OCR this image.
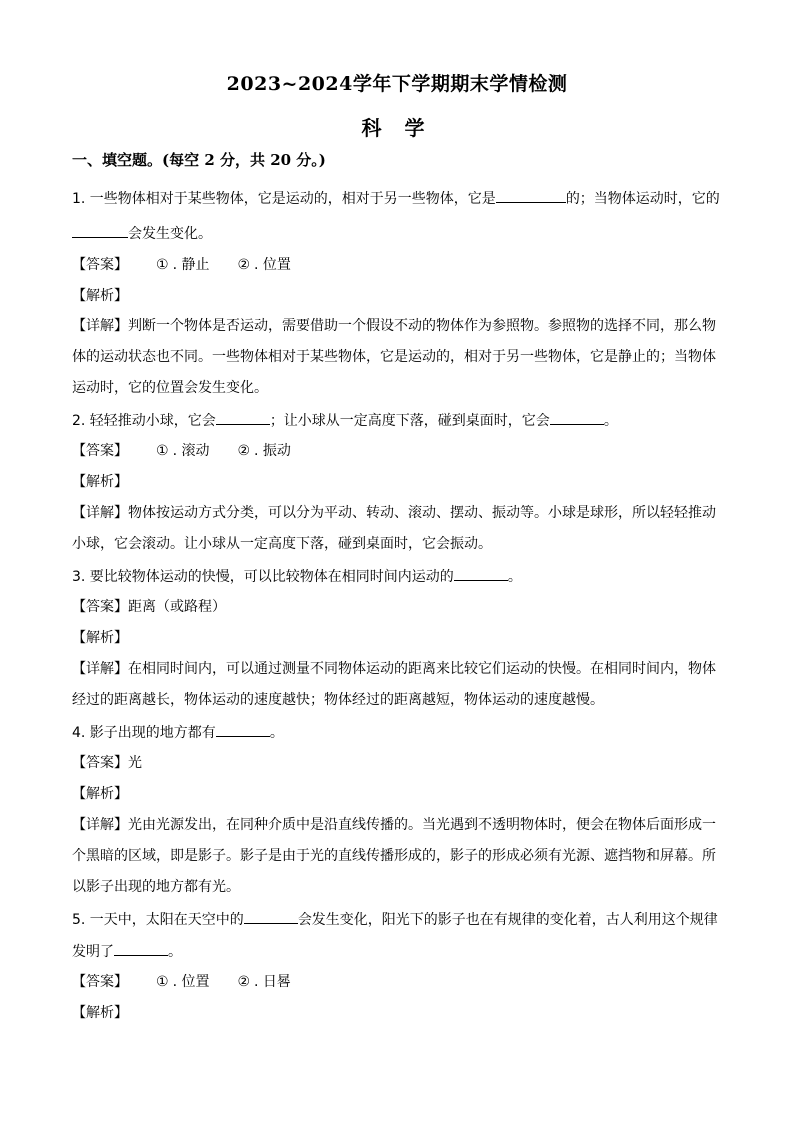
2023~2024学年下学期期末学情检测
科 学
一、填空题。(每空 2 分，共 20 分。)
1. 一些物体相对于某些物体，它是运动的，相对于另一些物体，它是	的；当物体运动时，它的
会发生变化。
【答案】 ① . 静止 ② . 位置
【解析】
【详解】判断一个物体是否运动，需要借助一个假设不动的物体作为参照物。参照物的选择不同，那么物
体的运动状态也不同。一些物体相对于某些物体，它是运动的，相对于另一些物体，它是静止的；当物体
运动时，它的位置会发生变化。
2. 轻轻推动小球，它会	；让小球从一定高度下落，碰到桌面时，它会	。
【答案】 ① . 滚动 ② . 振动
【解析】
【详解】物体按运动方式分类，可以分为平动、转动、滚动、摆动、振动等。小球是球形，所以轻轻推动
小球，它会滚动。让小球从一定高度下落，碰到桌面时，它会振动。
3. 要比较物体运动的快慢，可以比较物体在相同时间内运动的	。
【答案】距离（或路程）
【解析】
【详解】在相同时间内，可以通过测量不同物体运动的距离来比较它们运动的快慢。在相同时间内，物体
经过的距离越长，物体运动的速度越快；物体经过的距离越短，物体运动的速度越慢。
4. 影子出现的地方都有	。
【答案】光
【解析】
【详解】光由光源发出，在同种介质中是沿直线传播的。当光遇到不透明物体时，便会在物体后面形成一
个黑暗的区域，即是影子。影子是由于光的直线传播形成的，影子的形成必须有光源、遮挡物和屏幕。所
以影子出现的地方都有光。
5. 一天中，太阳在天空中的	会发生变化，阳光下的影子也在有规律的变化着，古人利用这个规律
发明了	。
【答案】 ① . 位置 ② . 日晷
【解析】
